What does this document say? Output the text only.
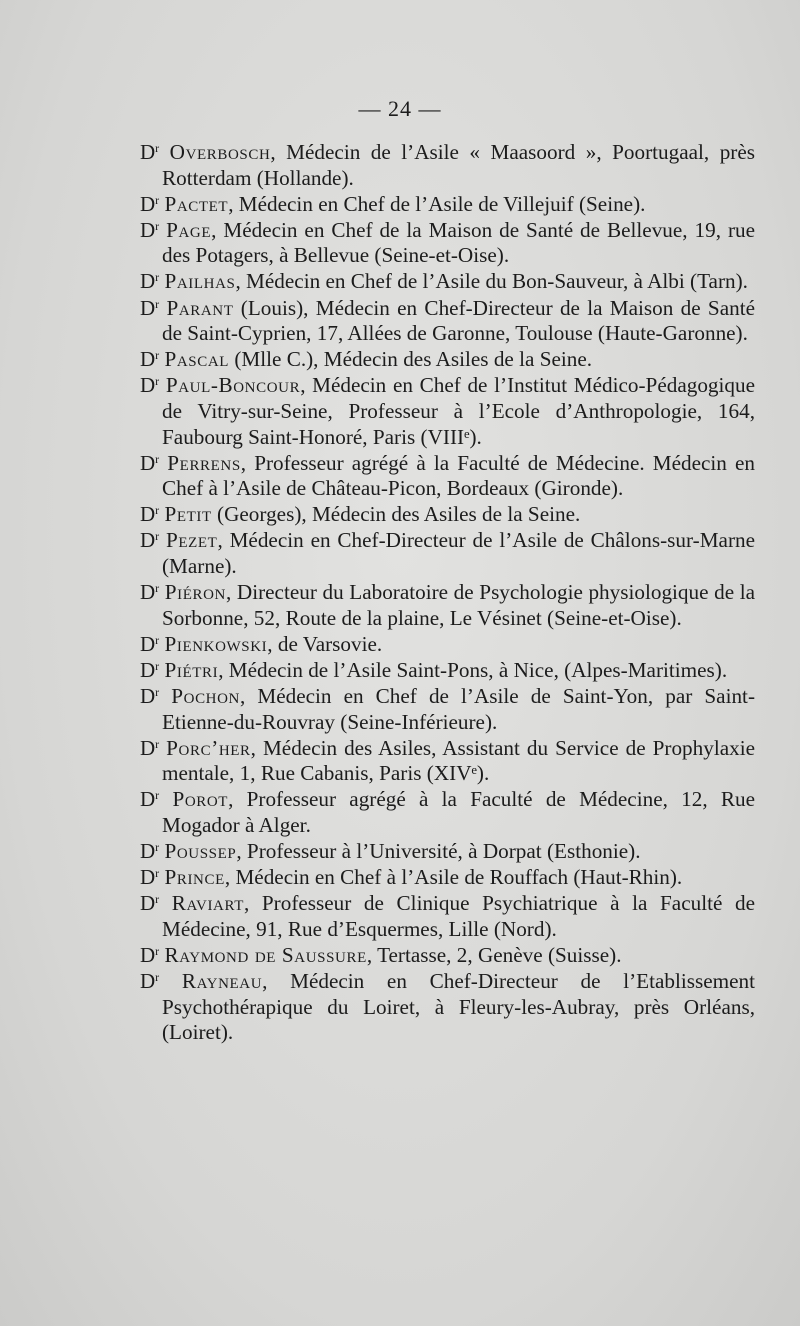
— 24 —
$D^r$ Overbosch, Médecin de l’Asile « Maasoord », Poortugaal, près Rotterdam (Hollande).
$D^r$ Pactet, Médecin en Chef de l’Asile de Villejuif (Seine).
$D^r$ Page, Médecin en Chef de la Maison de Santé de Bellevue, 19, rue des Potagers, à Bellevue (Seine-et-Oise).
$D^r$ Pailhas, Médecin en Chef de l’Asile du Bon-Sauveur, à Albi (Tarn).
$D^r$ Parant (Louis), Médecin en Chef-Directeur de la Maison de Santé de Saint-Cyprien, 17, Allées de Garonne, Toulouse (Haute-Garonne).
$D^r$ Pascal (Mlle C.), Médecin des Asiles de la Seine.
$D^r$ Paul-Boncour, Médecin en Chef de l’Institut Médico-Pédagogique de Vitry-sur-Seine, Professeur à l’Ecole d’Anthropologie, 164, Faubourg Saint-Honoré, Paris (VIIIᵉ).
$D^r$ Perrens, Professeur agrégé à la Faculté de Médecine. Médecin en Chef à l’Asile de Château-Picon, Bordeaux (Gironde).
$D^r$ Petit (Georges), Médecin des Asiles de la Seine.
$D^r$ Pezet, Médecin en Chef-Directeur de l’Asile de Châlons-sur-Marne (Marne).
$D^r$ Piéron, Directeur du Laboratoire de Psychologie physiologique de la Sorbonne, 52, Route de la plaine, Le Vésinet (Seine-et-Oise).
$D^r$ Pienkowski, de Varsovie.
$D^r$ Piétri, Médecin de l’Asile Saint-Pons, à Nice, (Alpes-Maritimes).
$D^r$ Pochon, Médecin en Chef de l’Asile de Saint-Yon, par Saint-Etienne-du-Rouvray (Seine-Inférieure).
$D^r$ Porc’her, Médecin des Asiles, Assistant du Service de Prophylaxie mentale, 1, Rue Cabanis, Paris (XIVᵉ).
$D^r$ Porot, Professeur agrégé à la Faculté de Médecine, 12, Rue Mogador à Alger.
$D^r$ Poussep, Professeur à l’Université, à Dorpat (Esthonie).
$D^r$ Prince, Médecin en Chef à l’Asile de Rouffach (Haut-Rhin).
$D^r$ Raviart, Professeur de Clinique Psychiatrique à la Faculté de Médecine, 91, Rue d’Esquermes, Lille (Nord).
$D^r$ Raymond de Saussure, Tertasse, 2, Genève (Suisse).
$D^r$ Rayneau, Médecin en Chef-Directeur de l’Etablissement Psychothérapique du Loiret, à Fleury-les-Aubray, près Orléans, (Loiret).
